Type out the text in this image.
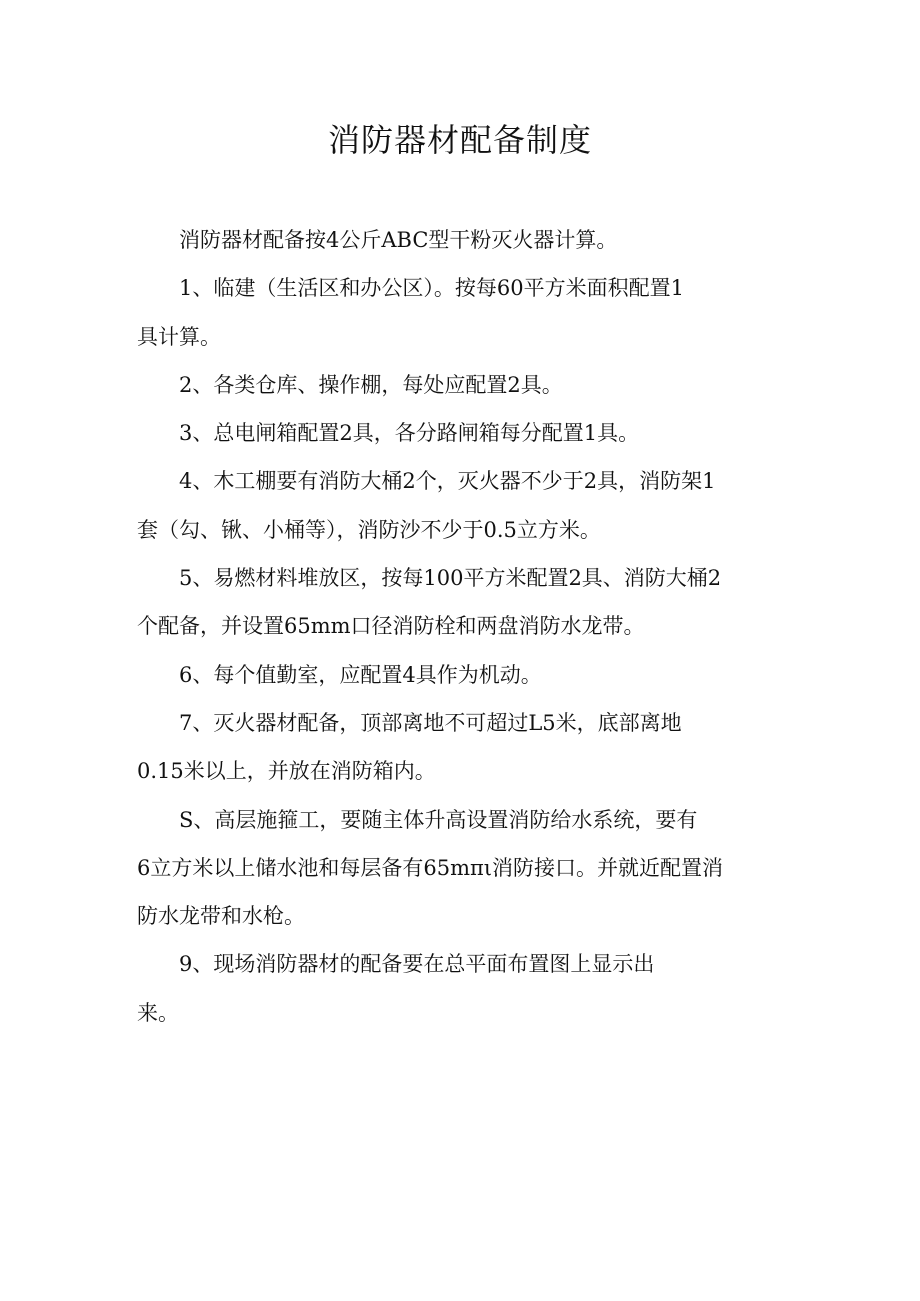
消防器材配备制度
消防器材配备按4公斤ABC型干粉灭火器计算。
1、临建（生活区和办公区）。按每60平方米面积配置1
具计算。
2、各类仓库、操作棚，每处应配置2具。
3、总电闸箱配置2具，各分路闸箱每分配置1具。
4、木工棚要有消防大桶2个，灭火器不少于2具，消防架1
套（勾、锹、小桶等），消防沙不少于0.5立方米。
5、易燃材料堆放区，按每100平方米配置2具、消防大桶2
个配备，并设置65mm口径消防栓和两盘消防水龙带。
6、每个值勤室，应配置4具作为机动。
7、灭火器材配备，顶部离地不可超过L5米，底部离地
0.15米以上，并放在消防箱内。
S、高层施箍工，要随主体升高设置消防给水系统，要有
6立方米以上储水池和每层备有65mπι消防接口。并就近配置消
防水龙带和水枪。
9、现场消防器材的配备要在总平面布置图上显示出
来。
